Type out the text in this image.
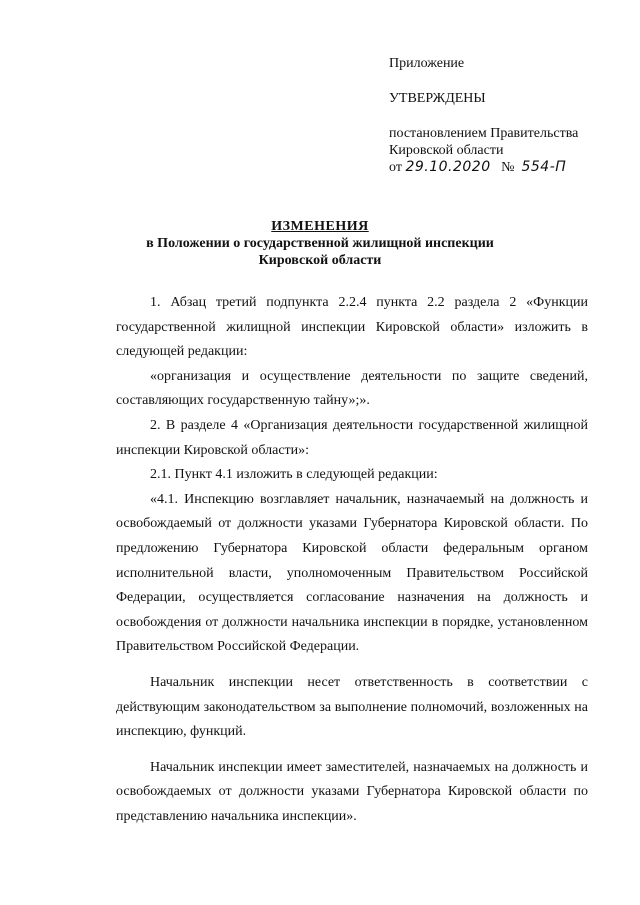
Приложение
УТВЕРЖДЕНЫ
постановлением Правительства
Кировской области
от 29.10.2020 № 554-П
ИЗМЕНЕНИЯ
в Положении о государственной жилищной инспекции
Кировской области

1. Абзац третий подпункта 2.2.4 пункта 2.2 раздела 2 «Функции государственной жилищной инспекции Кировской области» изложить в следующей редакции:

«организация и осуществление деятельности по защите сведений, составляющих государственную тайну»;».

2. В разделе 4 «Организация деятельности государственной жилищной инспекции Кировской области»:

2.1. Пункт 4.1 изложить в следующей редакции:

«4.1. Инспекцию возглавляет начальник, назначаемый на должность и освобождаемый от должности указами Губернатора Кировской области. По предложению Губернатора Кировской области федеральным органом исполнительной власти, уполномоченным Правительством Российской Федерации, осуществляется согласование назначения на должность и освобождения от должности начальника инспекции в порядке, установленном Правительством Российской Федерации.

Начальник инспекции несет ответственность в соответствии с действующим законодательством за выполнение полномочий, возложенных на инспекцию, функций.

Начальник инспекции имеет заместителей, назначаемых на должность и освобождаемых от должности указами Губернатора Кировской области по представлению начальника инспекции».
